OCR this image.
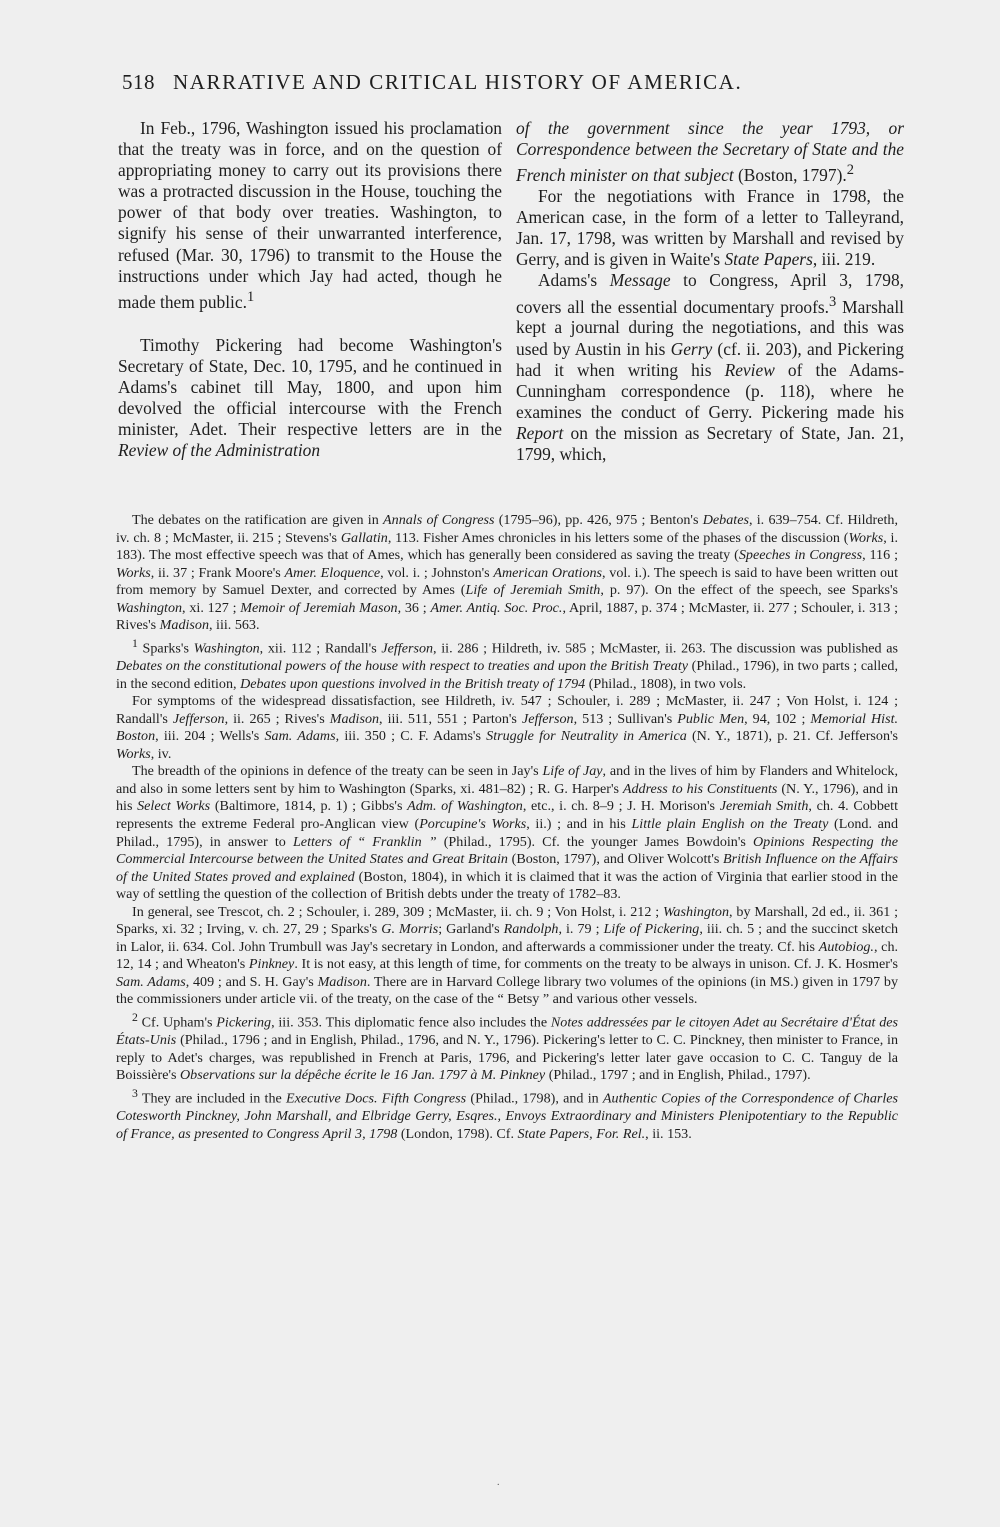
518 NARRATIVE AND CRITICAL HISTORY OF AMERICA.

In Feb., 1796, Washington issued his proclamation that the treaty was in force, and on the question of appropriating money to carry out its provisions there was a protracted discussion in the House, touching the power of that body over treaties. Washington, to signify his sense of their unwarranted interference, refused (Mar. 30, 1796) to transmit to the House the instructions under which Jay had acted, though he made them public.$^1$

Timothy Pickering had become Washington's Secretary of State, Dec. 10, 1795, and he continued in Adams's cabinet till May, 1800, and upon him devolved the official intercourse with the French minister, Adet. Their respective letters are in the Review of the Administration

of the government since the year 1793, or Correspondence between the Secretary of State and the French minister on that subject (Boston, 1797).$^2$

For the negotiations with France in 1798, the American case, in the form of a letter to Talleyrand, Jan. 17, 1798, was written by Marshall and revised by Gerry, and is given in Waite's State Papers, iii. 219.

Adams's Message to Congress, April 3, 1798, covers all the essential documentary proofs.$^3$ Marshall kept a journal during the negotiations, and this was used by Austin in his Gerry (cf. ii. 203), and Pickering had it when writing his Review of the Adams-Cunningham correspondence (p. 118), where he examines the conduct of Gerry. Pickering made his Report on the mission as Secretary of State, Jan. 21, 1799, which,

The debates on the ratification are given in Annals of Congress (1795–96), pp. 426, 975 ; Benton's Debates, i. 639–754. Cf. Hildreth, iv. ch. 8 ; McMaster, ii. 215 ; Stevens's Gallatin, 113. Fisher Ames chronicles in his letters some of the phases of the discussion (Works, i. 183). The most effective speech was that of Ames, which has generally been considered as saving the treaty (Speeches in Congress, 116 ; Works, ii. 37 ; Frank Moore's Amer. Eloquence, vol. i. ; Johnston's American Orations, vol. i.). The speech is said to have been written out from memory by Samuel Dexter, and corrected by Ames (Life of Jeremiah Smith, p. 97). On the effect of the speech, see Sparks's Washington, xi. 127 ; Memoir of Jeremiah Mason, 36 ; Amer. Antiq. Soc. Proc., April, 1887, p. 374 ; McMaster, ii. 277 ; Schouler, i. 313 ; Rives's Madison, iii. 563.

$^1$ Sparks's Washington, xii. 112 ; Randall's Jefferson, ii. 286 ; Hildreth, iv. 585 ; McMaster, ii. 263. The discussion was published as Debates on the constitutional powers of the house with respect to treaties and upon the British Treaty (Philad., 1796), in two parts ; called, in the second edition, Debates upon questions involved in the British treaty of 1794 (Philad., 1808), in two vols.

For symptoms of the widespread dissatisfaction, see Hildreth, iv. 547 ; Schouler, i. 289 ; McMaster, ii. 247 ; Von Holst, i. 124 ; Randall's Jefferson, ii. 265 ; Rives's Madison, iii. 511, 551 ; Parton's Jefferson, 513 ; Sullivan's Public Men, 94, 102 ; Memorial Hist. Boston, iii. 204 ; Wells's Sam. Adams, iii. 350 ; C. F. Adams's Struggle for Neutrality in America (N. Y., 1871), p. 21. Cf. Jefferson's Works, iv.

The breadth of the opinions in defence of the treaty can be seen in Jay's Life of Jay, and in the lives of him by Flanders and Whitelock, and also in some letters sent by him to Washington (Sparks, xi. 481–82) ; R. G. Harper's Address to his Constituents (N. Y., 1796), and in his Select Works (Baltimore, 1814, p. 1) ; Gibbs's Adm. of Washington, etc., i. ch. 8–9 ; J. H. Morison's Jeremiah Smith, ch. 4. Cobbett represents the extreme Federal pro-Anglican view (Porcupine's Works, ii.) ; and in his Little plain English on the Treaty (Lond. and Philad., 1795), in answer to Letters of “ Franklin ” (Philad., 1795). Cf. the younger James Bowdoin's Opinions Respecting the Commercial Intercourse between the United States and Great Britain (Boston, 1797), and Oliver Wolcott's British Influence on the Affairs of the United States proved and explained (Boston, 1804), in which it is claimed that it was the action of Virginia that earlier stood in the way of settling the question of the collection of British debts under the treaty of 1782–83.

In general, see Trescot, ch. 2 ; Schouler, i. 289, 309 ; McMaster, ii. ch. 9 ; Von Holst, i. 212 ; Washington, by Marshall, 2d ed., ii. 361 ; Sparks, xi. 32 ; Irving, v. ch. 27, 29 ; Sparks's G. Morris; Garland's Randolph, i. 79 ; Life of Pickering, iii. ch. 5 ; and the succinct sketch in Lalor, ii. 634. Col. John Trumbull was Jay's secretary in London, and afterwards a commissioner under the treaty. Cf. his Autobiog., ch. 12, 14 ; and Wheaton's Pinkney. It is not easy, at this length of time, for comments on the treaty to be always in unison. Cf. J. K. Hosmer's Sam. Adams, 409 ; and S. H. Gay's Madison. There are in Harvard College library two volumes of the opinions (in MS.) given in 1797 by the commissioners under article vii. of the treaty, on the case of the “ Betsy ” and various other vessels.

$^2$ Cf. Upham's Pickering, iii. 353. This diplomatic fence also includes the Notes addressées par le citoyen Adet au Secrétaire d'État des États-Unis (Philad., 1796 ; and in English, Philad., 1796, and N. Y., 1796). Pickering's letter to C. C. Pinckney, then minister to France, in reply to Adet's charges, was republished in French at Paris, 1796, and Pickering's letter later gave occasion to C. C. Tanguy de la Boissière's Observations sur la dépêche écrite le 16 Jan. 1797 à M. Pinkney (Philad., 1797 ; and in English, Philad., 1797).

$^3$ They are included in the Executive Docs. Fifth Congress (Philad., 1798), and in Authentic Copies of the Correspondence of Charles Cotesworth Pinckney, John Marshall, and Elbridge Gerry, Esqres., Envoys Extraordinary and Ministers Plenipotentiary to the Republic of France, as presented to Congress April 3, 1798 (London, 1798). Cf. State Papers, For. Rel., ii. 153.

.
